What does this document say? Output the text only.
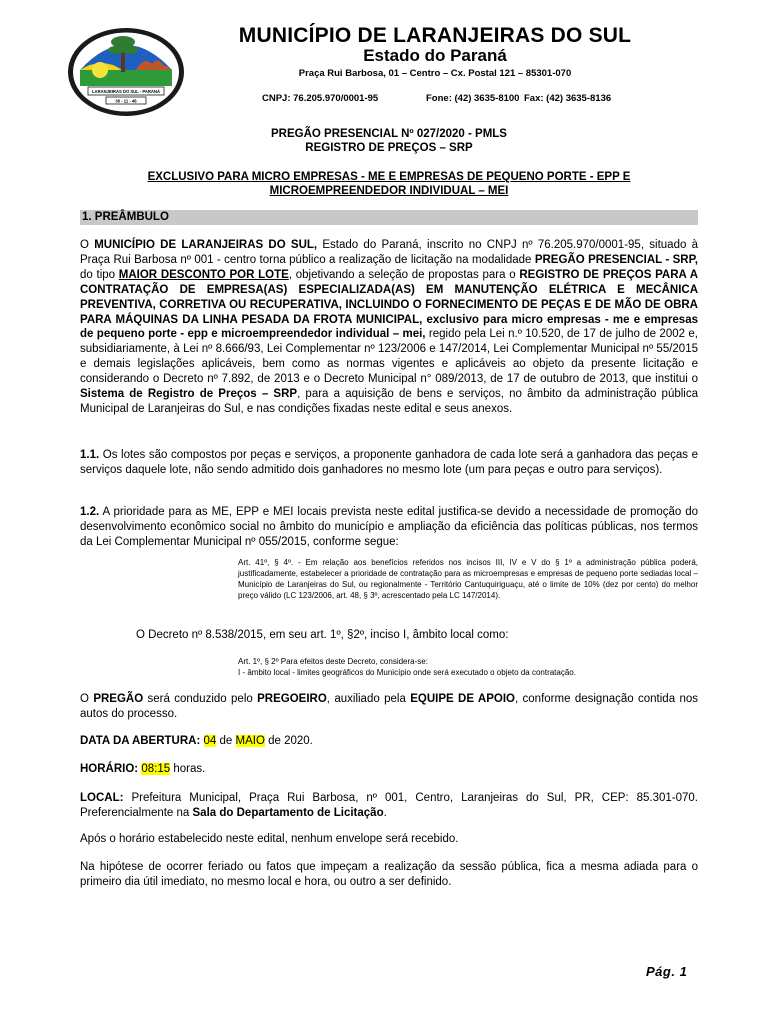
LARANJEIRAS DO SUL - PARANÁ
30 - 11 - 46
MUNICÍPIO DE LARANJEIRAS DO SUL
Estado do Paraná
Praça Rui Barbosa, 01 – Centro – Cx. Postal 121 – 85301-070
CNPJ: 76.205.970/0001-95	Fone: (42) 3635-8100 Fax: (42) 3635-8136
PREGÃO PRESENCIAL Nº 027/2020 - PMLS
REGISTRO DE PREÇOS – SRP
EXCLUSIVO PARA MICRO EMPRESAS - ME E EMPRESAS DE PEQUENO PORTE - EPP E
MICROEMPREENDEDOR INDIVIDUAL – MEI
1. PREÂMBULO
O MUNICÍPIO DE LARANJEIRAS DO SUL, Estado do Paraná, inscrito no CNPJ nº 76.205.970/0001-95, situado à Praça Rui Barbosa nº 001 - centro torna público a realização de licitação na modalidade PREGÃO PRESENCIAL - SRP, do tipo MAIOR DESCONTO POR LOTE, objetivando a seleção de propostas para o REGISTRO DE PREÇOS PARA A CONTRATAÇÃO DE EMPRESA(AS) ESPECIALIZADA(AS) EM MANUTENÇÃO ELÉTRICA E MECÂNICA PREVENTIVA, CORRETIVA OU RECUPERATIVA, INCLUINDO O FORNECIMENTO DE PEÇAS E DE MÃO DE OBRA PARA MÁQUINAS DA LINHA PESADA DA FROTA MUNICIPAL, exclusivo para micro empresas - me e empresas de pequeno porte - epp e microempreendedor individual – mei, regido pela Lei n.º 10.520, de 17 de julho de 2002 e, subsidiariamente, à Lei nº 8.666/93, Lei Complementar nº 123/2006 e 147/2014, Lei Complementar Municipal nº 55/2015 e demais legislações aplicáveis, bem como as normas vigentes e aplicáveis ao objeto da presente licitação e considerando o Decreto nº 7.892, de 2013 e o Decreto Municipal n° 089/2013, de 17 de outubro de 2013, que institui o Sistema de Registro de Preços – SRP, para a aquisição de bens e serviços, no âmbito da administração pública Municipal de Laranjeiras do Sul, e nas condições fixadas neste edital e seus anexos.
1.1. Os lotes são compostos por peças e serviços, a proponente ganhadora de cada lote será a ganhadora das peças e serviços daquele lote, não sendo admitido dois ganhadores no mesmo lote (um para peças e outro para serviços).
1.2. A prioridade para as ME, EPP e MEI locais prevista neste edital justifica-se devido a necessidade de promoção do desenvolvimento econômico social no âmbito do município e ampliação da eficiência das políticas públicas, nos termos da Lei Complementar Municipal nº 055/2015, conforme segue:
Art. 41º, § 4º. - Em relação aos benefícios referidos nos incisos III, IV e V do § 1º a administração pública poderá, justificadamente, estabelecer a prioridade de contratação para as microempresas e empresas de pequeno porte sediadas local – Município de Laranjeiras do Sul, ou regionalmente - Território Cantuquiriguaçu, até o limite de 10% (dez por cento) do melhor preço válido (LC 123/2006, art. 48, § 3º, acrescentado pela LC 147/2014).
O Decreto nº 8.538/2015, em seu art. 1º, §2º, inciso I, âmbito local como:
Art. 1º, § 2º Para efeitos deste Decreto, considera-se:
I - âmbito local - limites geográficos do Município onde será executado o objeto da contratação.
O PREGÃO será conduzido pelo PREGOEIRO, auxiliado pela EQUIPE DE APOIO, conforme designação contida nos autos do processo.
DATA DA ABERTURA: 04 de MAIO de 2020.
HORÁRIO: 08:15 horas.
LOCAL: Prefeitura Municipal, Praça Rui Barbosa, nº 001, Centro, Laranjeiras do Sul, PR, CEP: 85.301-070. Preferencialmente na Sala do Departamento de Licitação.
Após o horário estabelecido neste edital, nenhum envelope será recebido.
Na hipótese de ocorrer feriado ou fatos que impeçam a realização da sessão pública, fica a mesma adiada para o primeiro dia útil imediato, no mesmo local e hora, ou outro a ser definido.
Pág. 1
